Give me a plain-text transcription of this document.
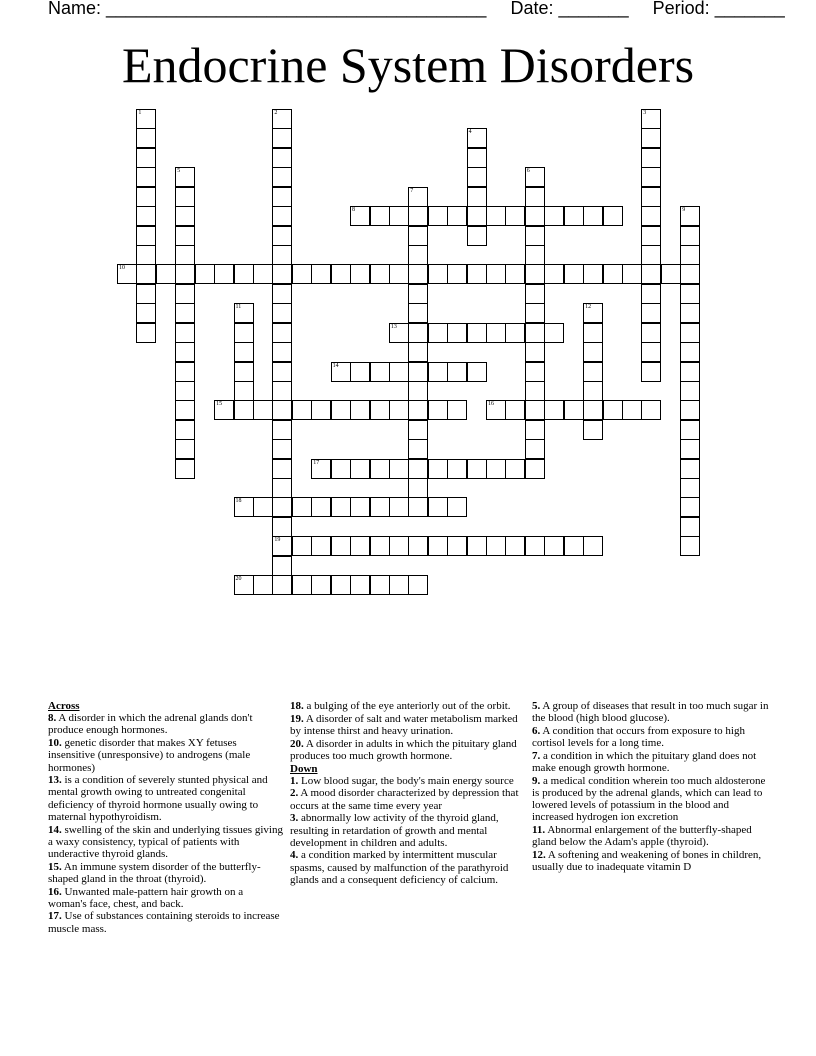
Name: ______________________________________ Date: _______ Period: _______
Endocrine System Disorders
1	2
19
3
4
5	6
7
8	9
10
11	12
13
14
15	16
17
18
20
Across
8. A disorder in which the adrenal glands don't produce enough hormones.
10. genetic disorder that makes XY fetuses insensitive (unresponsive) to androgens (male hormones)
13. is a condition of severely stunted physical and mental growth owing to untreated congenital deficiency of thyroid hormone usually owing to maternal hypothyroidism.
14. swelling of the skin and underlying tissues giving a waxy consistency, typical of patients with underactive thyroid glands.
15. An immune system disorder of the butterfly-shaped gland in the throat (thyroid).
16. Unwanted male-pattern hair growth on a woman's face, chest, and back.
17. Use of substances containing steroids to increase muscle mass.
18. a bulging of the eye anteriorly out of the orbit.
19. A disorder of salt and water metabolism marked by intense thirst and heavy urination.
20. A disorder in adults in which the pituitary gland produces too much growth hormone.
Down
1. Low blood sugar, the body's main energy source
2. A mood disorder characterized by depression that occurs at the same time every year
3. abnormally low activity of the thyroid gland, resulting in retardation of growth and mental development in children and adults.
4. a condition marked by intermittent muscular spasms, caused by malfunction of the parathyroid glands and a consequent deficiency of calcium.
5. A group of diseases that result in too much sugar in the blood (high blood glucose).
6. A condition that occurs from exposure to high cortisol levels for a long time.
7. a condition in which the pituitary gland does not make enough growth hormone.
9. a medical condition wherein too much aldosterone is produced by the adrenal glands, which can lead to lowered levels of potassium in the blood and increased hydrogen ion excretion
11. Abnormal enlargement of the butterfly-shaped gland below the Adam's apple (thyroid).
12. A softening and weakening of bones in children, usually due to inadequate vitamin D
